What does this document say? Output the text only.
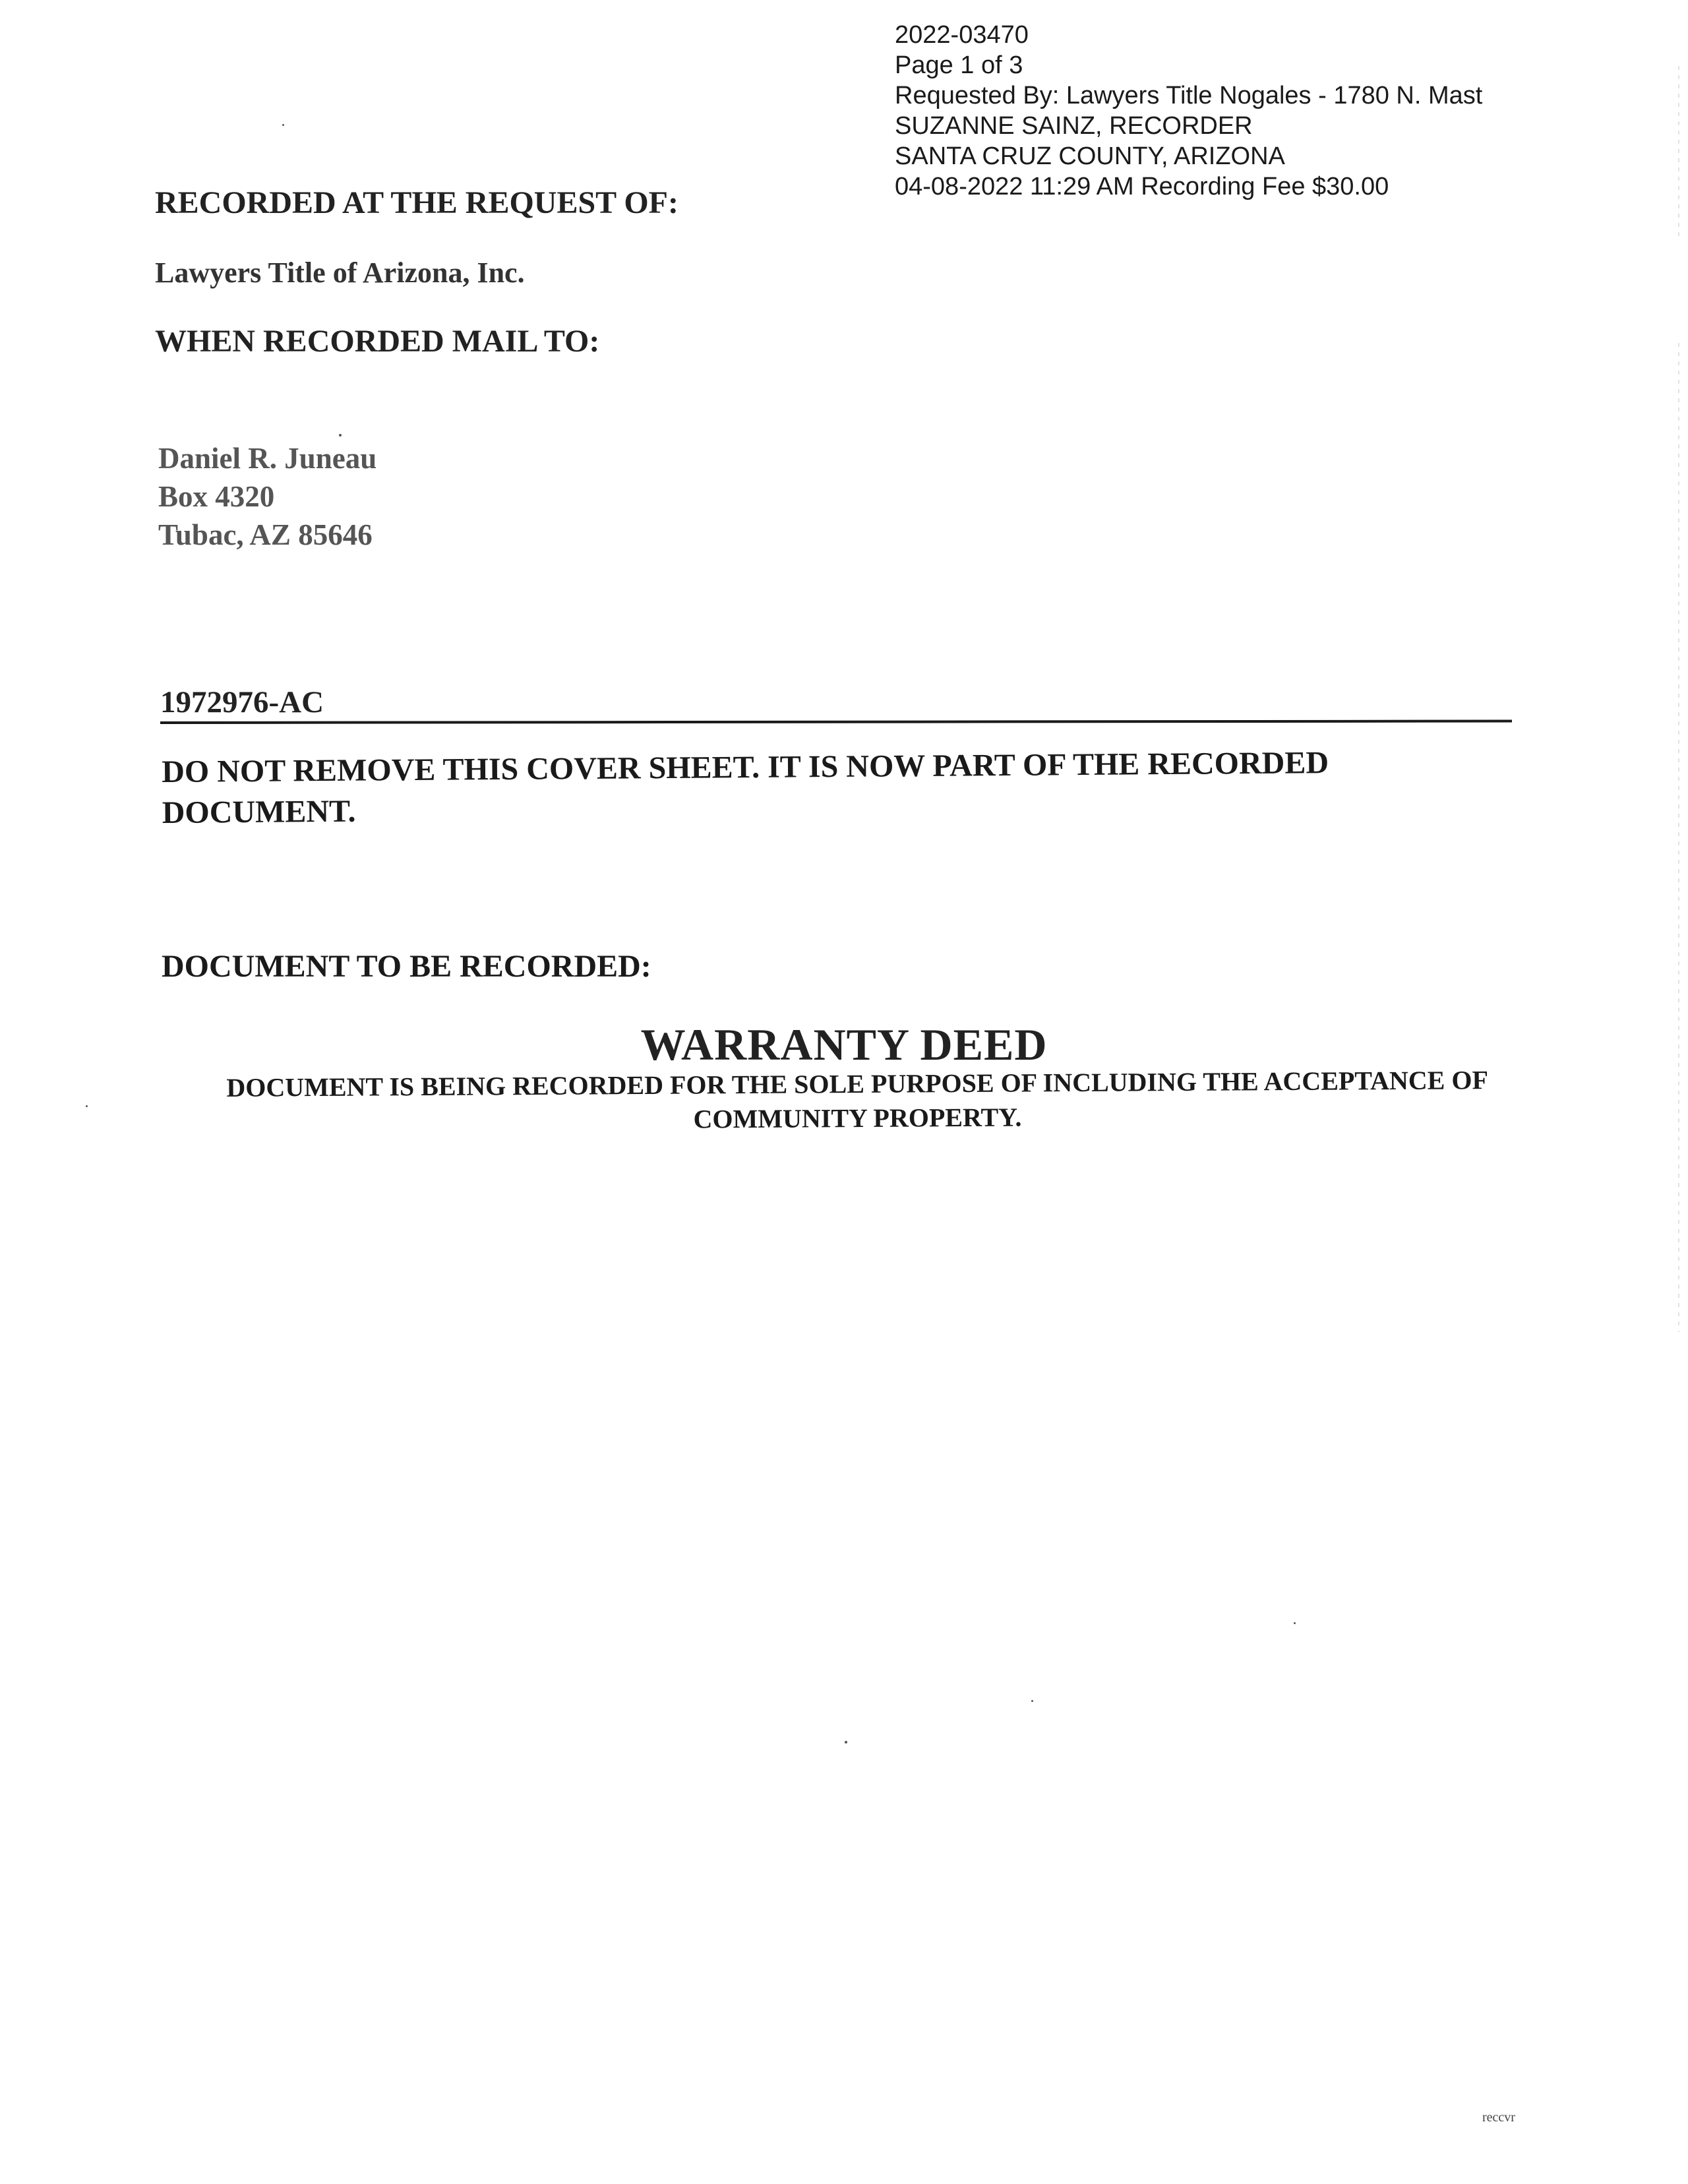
2022-03470
Page 1 of 3
Requested By: Lawyers Title Nogales - 1780 N. Mast
SUZANNE SAINZ, RECORDER
SANTA CRUZ COUNTY, ARIZONA
04-08-2022 11:29 AM Recording Fee $30.00
RECORDED AT THE REQUEST OF:
Lawyers Title of Arizona, Inc.
WHEN RECORDED MAIL TO:
Daniel R. Juneau
Box 4320
Tubac, AZ 85646
1972976-AC
DO NOT REMOVE THIS COVER SHEET. IT IS NOW PART OF THE RECORDED DOCUMENT.
DOCUMENT TO BE RECORDED:
WARRANTY DEED
DOCUMENT IS BEING RECORDED FOR THE SOLE PURPOSE OF INCLUDING THE ACCEPTANCE OF COMMUNITY PROPERTY.
reccvr
